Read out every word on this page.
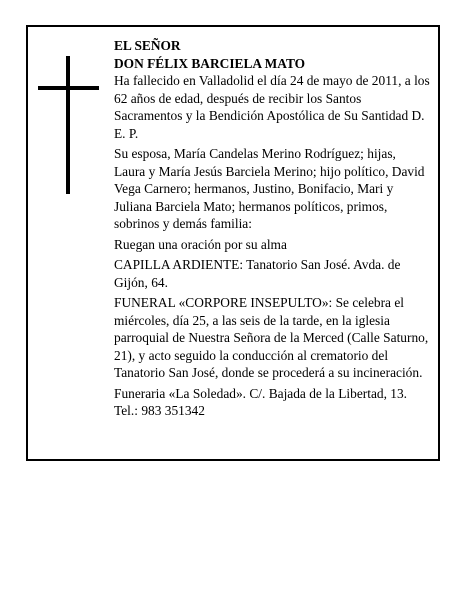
EL SEÑOR
DON FÉLIX BARCIELA MATO

Ha fallecido en Valladolid el día 24 de mayo de 2011, a los 62 años de edad, después de recibir los Santos Sacramentos y la Bendición Apostólica de Su Santidad D. E. P.

Su esposa, María Candelas Merino Rodríguez; hijas, Laura y María Jesús Barciela Merino; hijo político, David Vega Carnero; hermanos, Justino, Bonifacio, Mari y Juliana Barciela Mato; hermanos políticos, primos, sobrinos y demás familia:

Ruegan una oración por su alma

CAPILLA ARDIENTE: Tanatorio San José. Avda. de Gijón, 64.

FUNERAL «CORPORE INSEPULTO»: Se celebra el miércoles, día 25, a las seis de la tarde, en la iglesia parroquial de Nuestra Señora de la Merced (Calle Saturno, 21), y acto seguido la conducción al crematorio del Tanatorio San José, donde se procederá a su incineración.

Funeraria «La Soledad». C/. Bajada de la Libertad, 13. Tel.: 983 351342
